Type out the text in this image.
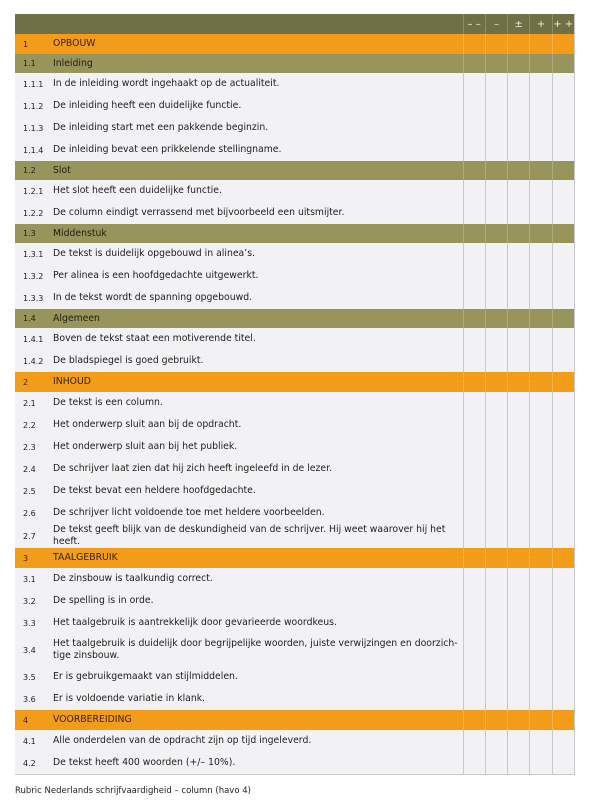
		– –	–	±	+	+ +
1	OPBOUW					
1.1	Inleiding					
1.1.1	In de inleiding wordt ingehaakt op de actualiteit.					
1.1.2	De inleiding heeft een duidelijke functie.					
1.1.3	De inleiding start met een pakkende beginzin.					
1.1.4	De inleiding bevat een prikkelende stellingname.					
1.2	Slot					
1.2.1	Het slot heeft een duidelijke functie.					
1.2.2	De column eindigt verrassend met bijvoorbeeld een uitsmijter.					
1.3	Middenstuk					
1.3.1	De tekst is duidelijk opgebouwd in alinea’s.					
1.3.2	Per alinea is een hoofdgedachte uitgewerkt.					
1.3.3	In de tekst wordt de spanning opgebouwd.					
1.4	Algemeen					
1.4.1	Boven de tekst staat een motiverende titel.					
1.4.2	De bladspiegel is goed gebruikt.					
2	INHOUD					
2.1	De tekst is een column.					
2.2	Het onderwerp sluit aan bij de opdracht.					
2.3	Het onderwerp sluit aan bij het publiek.					
2.4	De schrijver laat zien dat hij zich heeft ingeleefd in de lezer.					
2.5	De tekst bevat een heldere hoofdgedachte.					
2.6	De schrijver licht voldoende toe met heldere voorbeelden.					
2.7	De tekst geeft blijk van de deskundigheid van de schrijver. Hij weet waarover hij het heeft.					
3	TAALGEBRUIK					
3.1	De zinsbouw is taalkundig correct.					
3.2	De spelling is in orde.					
3.3	Het taalgebruik is aantrekkelijk door gevarieerde woordkeus.					
3.4	Het taalgebruik is duidelijk door begrijpelijke woorden, juiste verwijzingen en doorzich-tige zinsbouw.					
3.5	Er is gebruikgemaakt van stijlmiddelen.					
3.6	Er is voldoende variatie in klank.					
4	VOORBEREIDING					
4.1	Alle onderdelen van de opdracht zijn op tijd ingeleverd.					
4.2	De tekst heeft 400 woorden (+/– 10%).					
Rubric Nederlands schrijfvaardigheid – column (havo 4)
